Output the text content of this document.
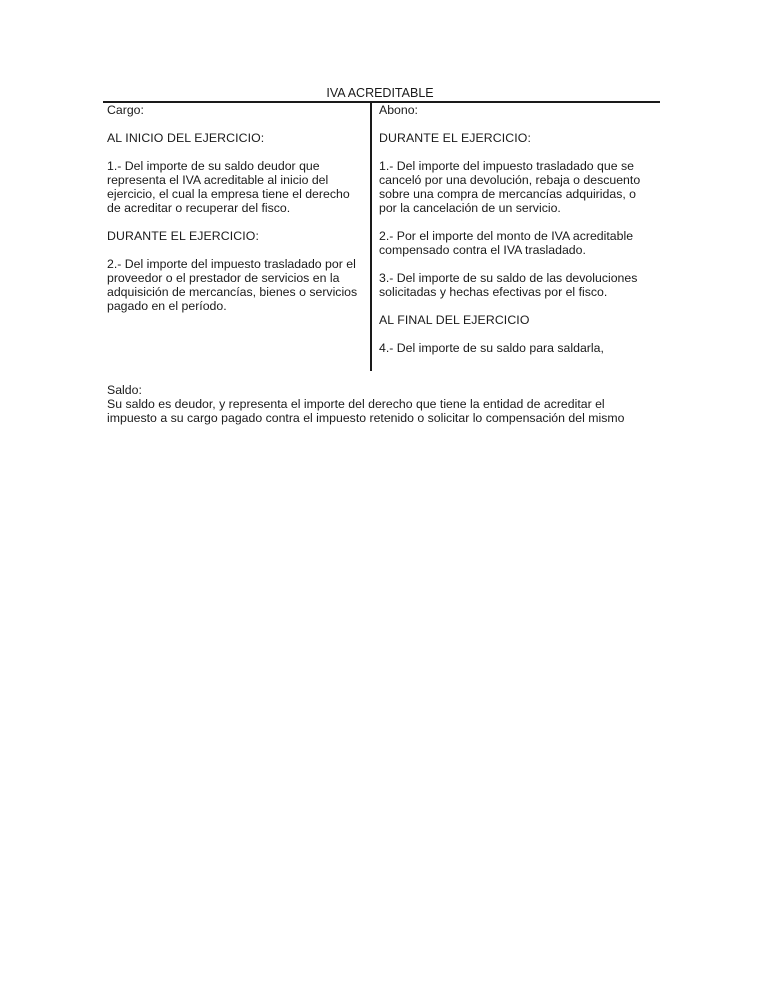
IVA ACREDITABLE
Cargo:
AL INICIO DEL EJERCICIO:
1.- Del importe de su saldo deudor que
representa el IVA acreditable al inicio del
ejercicio, el cual la empresa tiene el derecho
de acreditar o recuperar del fisco.
DURANTE EL EJERCICIO:
2.- Del importe del impuesto trasladado por el
proveedor o el prestador de servicios en la
adquisición de mercancías, bienes o servicios
pagado en el período.
Abono:
DURANTE EL EJERCICIO:
1.- Del importe del impuesto trasladado que se
canceló por una devolución, rebaja o descuento
sobre una compra de mercancías adquiridas, o
por la cancelación de un servicio.
2.- Por el importe del monto de IVA acreditable
compensado contra el IVA trasladado.
3.- Del importe de su saldo de las devoluciones
solicitadas y hechas efectivas por el fisco.
AL FINAL DEL EJERCICIO
4.- Del importe de su saldo para saldarla,
Saldo:
Su saldo es deudor, y representa el importe del derecho que tiene la entidad de acreditar el
impuesto a su cargo pagado contra el impuesto retenido o solicitar lo compensación del mismo
